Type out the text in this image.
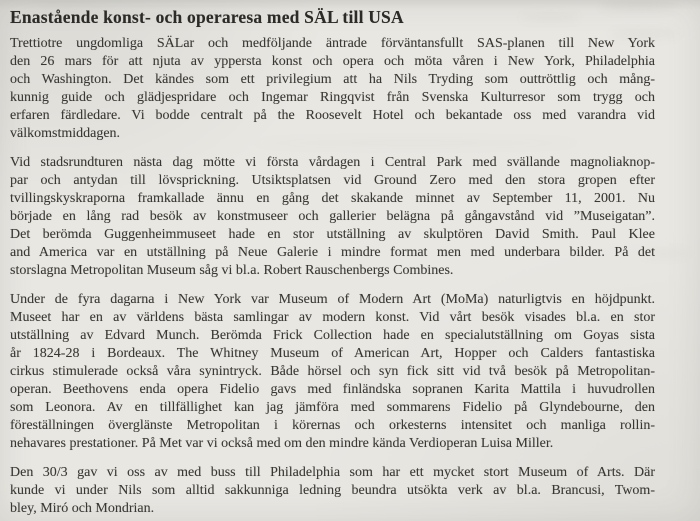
Enastående konst- och operaresa med SÄL till USA
Trettiotre ungdomliga SÄLar och medföljande äntrade förväntansfullt SAS-planen till New York
den 26 mars för att njuta av yppersta konst och opera och möta våren i New York, Philadelphia
och Washington. Det kändes som ett privilegium att ha Nils Tryding som outtröttlig och mång-
kunnig guide och glädjespridare och Ingemar Ringqvist från Svenska Kulturresor som trygg och
erfaren färdledare. Vi bodde centralt på the Roosevelt Hotel och bekantade oss med varandra vid
välkomstmiddagen.
Vid stadsrundturen nästa dag mötte vi första vårdagen i Central Park med svällande magnoliaknop-
par och antydan till lövsprickning. Utsiktsplatsen vid Ground Zero med den stora gropen efter
tvillingskyskraporna framkallade ännu en gång det skakande minnet av September 11, 2001. Nu
började en lång rad besök av konstmuseer och gallerier belägna på gångavstånd vid ”Museigatan”.
Det berömda Guggenheimmuseet hade en stor utställning av skulptören David Smith. Paul Klee
and America var en utställning på Neue Galerie i mindre format men med underbara bilder. På det
storslagna Metropolitan Museum såg vi bl.a. Robert Rauschenbergs Combines.
Under de fyra dagarna i New York var Museum of Modern Art (MoMa) naturligtvis en höjdpunkt.
Museet har en av världens bästa samlingar av modern konst. Vid vårt besök visades bl.a. en stor
utställning av Edvard Munch. Berömda Frick Collection hade en specialutställning om Goyas sista
år 1824-28 i Bordeaux. The Whitney Museum of American Art, Hopper och Calders fantastiska
cirkus stimulerade också våra synintryck. Både hörsel och syn fick sitt vid två besök på Metropolitan-
operan. Beethovens enda opera Fidelio gavs med finländska sopranen Karita Mattila i huvudrollen
som Leonora. Av en tillfällighet kan jag jämföra med sommarens Fidelio på Glyndebourne, den
föreställningen överglänste Metropolitan i körernas och orkesterns intensitet och manliga rollin-
nehavares prestationer. På Met var vi också med om den mindre kända Verdioperan Luisa Miller.
Den 30/3 gav vi oss av med buss till Philadelphia som har ett mycket stort Museum of Arts. Där
kunde vi under Nils som alltid sakkunniga ledning beundra utsökta verk av bl.a. Brancusi, Twom-
bley, Miró och Mondrian.
